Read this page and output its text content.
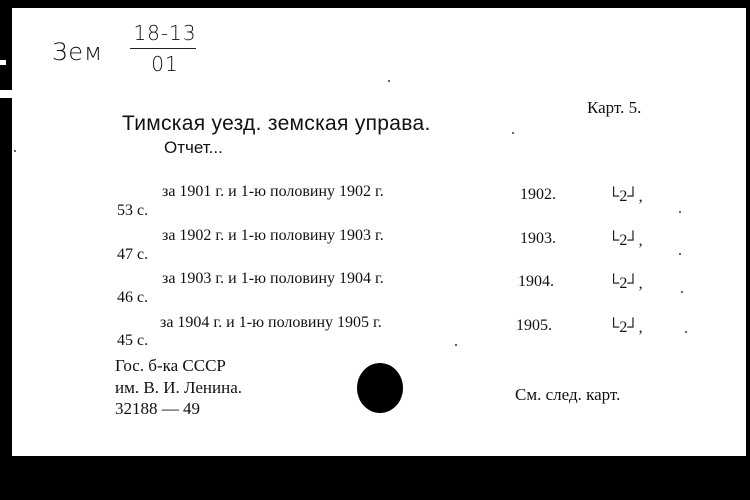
Зем
18-13
01
Карт. 5.
Тимская уезд. земская управа.
Отчет...
за 1901 г. и 1-ю половину 1902 г.
53 с.
1902.	└2┘,
за 1902 г. и 1-ю половину 1903 г.
47 с.
1903.	└2┘,
за 1903 г. и 1-ю половину 1904 г.
46 с.
1904.	└2┘,
за 1904 г. и 1-ю половину 1905 г.
45 с.
1905.	└2┘,
Гос. б-ка СССР
им. В. И. Ленина.
32188 — 49
См. след. карт.
